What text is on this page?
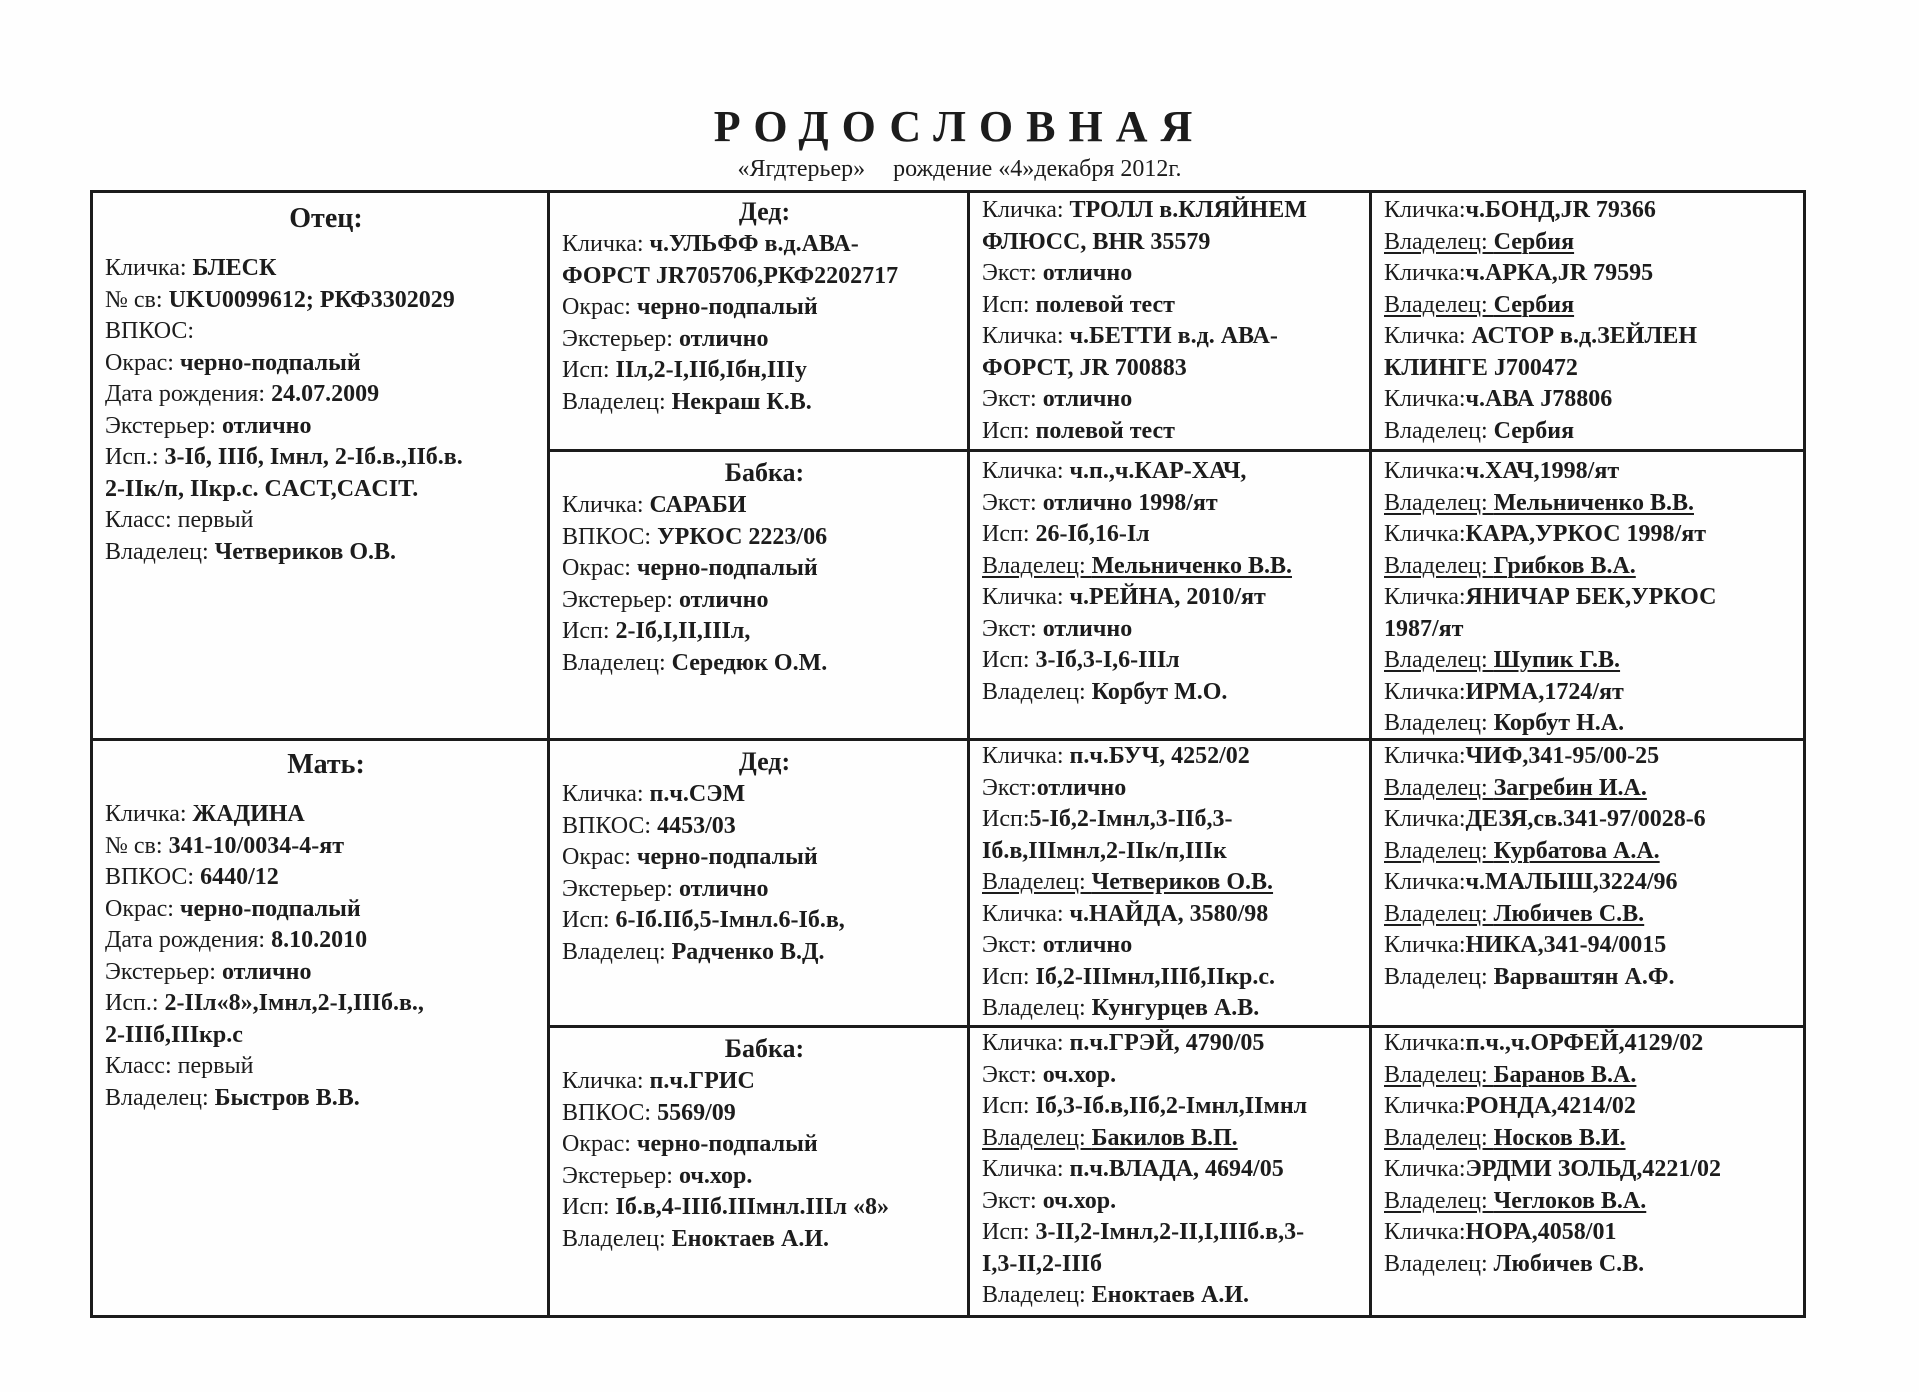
РОДОСЛОВНАЯ
«Ягдтерьер» рождение «4»декабря 2012г.
Отец:
Кличка: БЛЕСК
№ св: UKU0099612; РКФ3302029
ВПКОС:
Окрас: черно-подпалый
Дата рождения: 24.07.2009
Экстерьер: отлично
Исп.: 3-Iб, IIIб, Iмнл, 2-Iб.в.,IIб.в.
2-IIк/п, IIкр.с. CACT,CACIT.
Класс: первый
Владелец: Четвериков О.В.
Мать:
Кличка: ЖАДИНА
№ св: 341-10/0034-4-ят
ВПКОС: 6440/12
Окрас: черно-подпалый
Дата рождения: 8.10.2010
Экстерьер: отлично
Исп.: 2-IIл«8»,Iмнл,2-I,IIIб.в.,
2-IIIб,IIIкр.с
Класс: первый
Владелец: Быстров В.В.
Дед:
Кличка: ч.УЛЬФФ в.д.АВА-
ФОРСТ JR705706,РКФ2202717
Окрас: черно-подпалый
Экстерьер: отлично
Исп: IIл,2-I,IIб,Iбн,IIIу
Владелец: Некраш К.В.
Бабка:
Кличка: САРАБИ
ВПКОС: УРКОС 2223/06
Окрас: черно-подпалый
Экстерьер: отлично
Исп: 2-Iб,I,II,IIIл,
Владелец: Середюк О.М.
Дед:
Кличка: п.ч.СЭМ
ВПКОС: 4453/03
Окрас: черно-подпалый
Экстерьер: отлично
Исп: 6-Iб.IIб,5-Iмнл.6-Iб.в,
Владелец: Радченко В.Д.
Бабка:
Кличка: п.ч.ГРИС
ВПКОС: 5569/09
Окрас: черно-подпалый
Экстерьер: оч.хор.
Исп: Iб.в,4-IIIб.IIIмнл.IIIл «8»
Владелец: Еноктаев А.И.
Кличка: ТРОЛЛ в.КЛЯЙНЕМ
ФЛЮСС, BHR 35579
Экст: отлично
Исп: полевой тест
Кличка: ч.БЕТТИ в.д. АВА-
ФОРСТ, JR 700883
Экст: отлично
Исп: полевой тест
Кличка: ч.п.,ч.КАР-ХАЧ,
Экст: отлично 1998/ят
Исп: 26-Iб,16-Iл
Владелец: Мельниченко В.В.
Кличка: ч.РЕЙНА, 2010/ят
Экст: отлично
Исп: 3-Iб,3-I,6-IIIл
Владелец: Корбут М.О.
Кличка: п.ч.БУЧ, 4252/02
Экст:отлично
Исп:5-Iб,2-Iмнл,3-IIб,3-
Iб.в,IIIмнл,2-IIк/п,IIIк
Владелец: Четвериков О.В.
Кличка: ч.НАЙДА, 3580/98
Экст: отлично
Исп: Iб,2-IIIмнл,IIIб,IIкр.с.
Владелец: Кунгурцев А.В.
Кличка: п.ч.ГРЭЙ, 4790/05
Экст: оч.хор.
Исп: Iб,3-Iб.в,IIб,2-Iмнл,IIмнл
Владелец: Бакилов В.П.
Кличка: п.ч.ВЛАДА, 4694/05
Экст: оч.хор.
Исп: 3-II,2-Iмнл,2-II,I,IIIб.в,3-
I,3-II,2-IIIб
Владелец: Еноктаев А.И.
Кличка:ч.БОНД,JR 79366
Владелец: Сербия
Кличка:ч.АРКА,JR 79595
Владелец: Сербия
Кличка: АСТОР в.д.ЗЕЙЛЕН
КЛИНГЕ J700472
Кличка:ч.АВА J78806
Владелец: Сербия
Кличка:ч.ХАЧ,1998/ят
Владелец: Мельниченко В.В.
Кличка:КАРА,УРКОС 1998/ят
Владелец: Грибков В.А.
Кличка:ЯНИЧАР БЕК,УРКОС
1987/ят
Владелец: Шупик Г.В.
Кличка:ИРМА,1724/ят
Владелец: Корбут Н.А.
Кличка:ЧИФ,341-95/00-25
Владелец: Загребин И.А.
Кличка:ДЕЗЯ,св.341-97/0028-6
Владелец: Курбатова А.А.
Кличка:ч.МАЛЫШ,3224/96
Владелец: Любичев С.В.
Кличка:НИКА,341-94/0015
Владелец: Варваштян А.Ф.
Кличка:п.ч.,ч.ОРФЕЙ,4129/02
Владелец: Баранов В.А.
Кличка:РОНДА,4214/02
Владелец: Носков В.И.
Кличка:ЭРДМИ ЗОЛЬД,4221/02
Владелец: Чеглоков В.А.
Кличка:НОРА,4058/01
Владелец: Любичев С.В.
